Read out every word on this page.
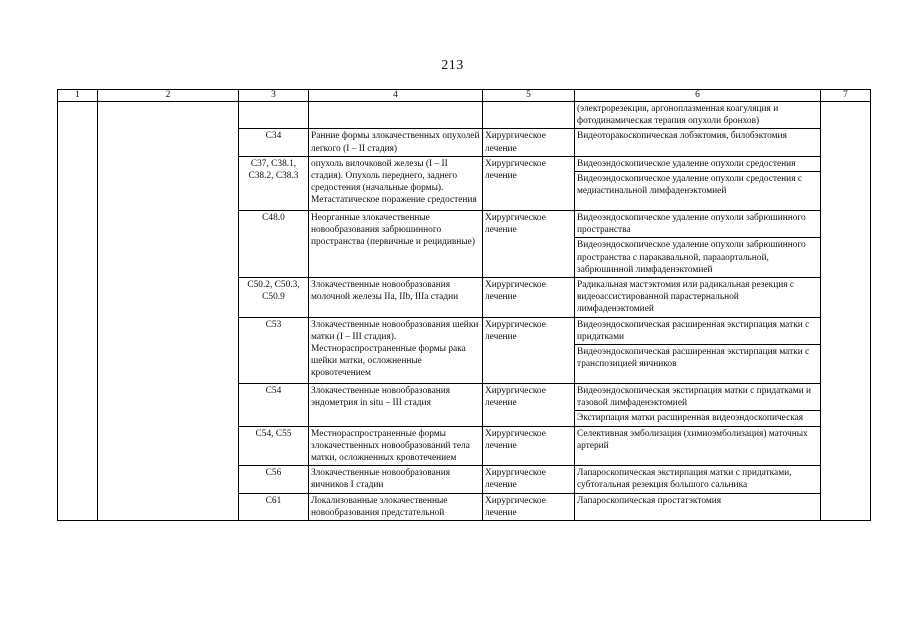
213
1	2	3	4	5	6	7
					(электрорезекция, аргоноплазменная коагуляция и фотодинамическая терапия опухоли бронхов)	
		C34	Ранние формы злокачественных опухолей легкого (I – II стадия)	Хирургическое лечение	Видеоторакоскопическая лобэктомия, билобэктомия	
		C37, C38.1, C38.2, C38.3	опухоль вилочковой железы (I – II стадия). Опухоль переднего, заднего средостения (начальные формы). Метастатическое поражение средостения	Хирургическое лечение	Видеоэндоскопическое удаление опухоли средостения	
					Видеоэндоскопическое удаление опухоли средостения с медиастинальной лимфаденэктомией	
		C48.0	Неорганные злокачественные новообразования забрюшинного пространства (первичные и рецидивные)	Хирургическое лечение	Видеоэндоскопическое удаление опухоли забрюшинного пространства	
					Видеоэндоскопическое удаление опухоли забрюшинного пространства с паракавальной, парааортальной, забрюшинной лимфаденэктомией	
		C50.2, C50.3, C50.9	Злокачественные новообразования молочной железы IIa, IIb, IIIa стадии	Хирургическое лечение	Радикальная мастэктомия или радикальная резекция с видеоассистированной парастернальной лимфаденэктомией	
		C53	Злокачественные новообразования шейки матки (I – III стадия). Местнораспространенные формы рака шейки матки, осложненные кровотечением	Хирургическое лечение	Видеоэндоскопическая расширенная экстирпация матки с придатками	
					Видеоэндоскопическая расширенная экстирпация матки с транспозицией яичников	
		C54	Злокачественные новообразования эндометрия in situ – III стадия	Хирургическое лечение	Видеоэндоскопическая экстирпация матки с придатками и тазовой лимфаденэктомией	
					Экстирпация матки расширенная видеоэндоскопическая	
		C54, C55	Местнораспространенные формы злокачественных новообразований тела матки, осложненных кровотечением	Хирургическое лечение	Селективная эмболизация (химиоэмболизация) маточных артерий	
		C56	Злокачественные новообразования яичников I стадии	Хирургическое лечение	Лапароскопическая экстирпация матки с придатками, субтотальная резекция большого сальника	
		C61	Локализованные злокачественные новообразования предстательной	Хирургическое лечение	Лапароскопическая простатэктомия	
